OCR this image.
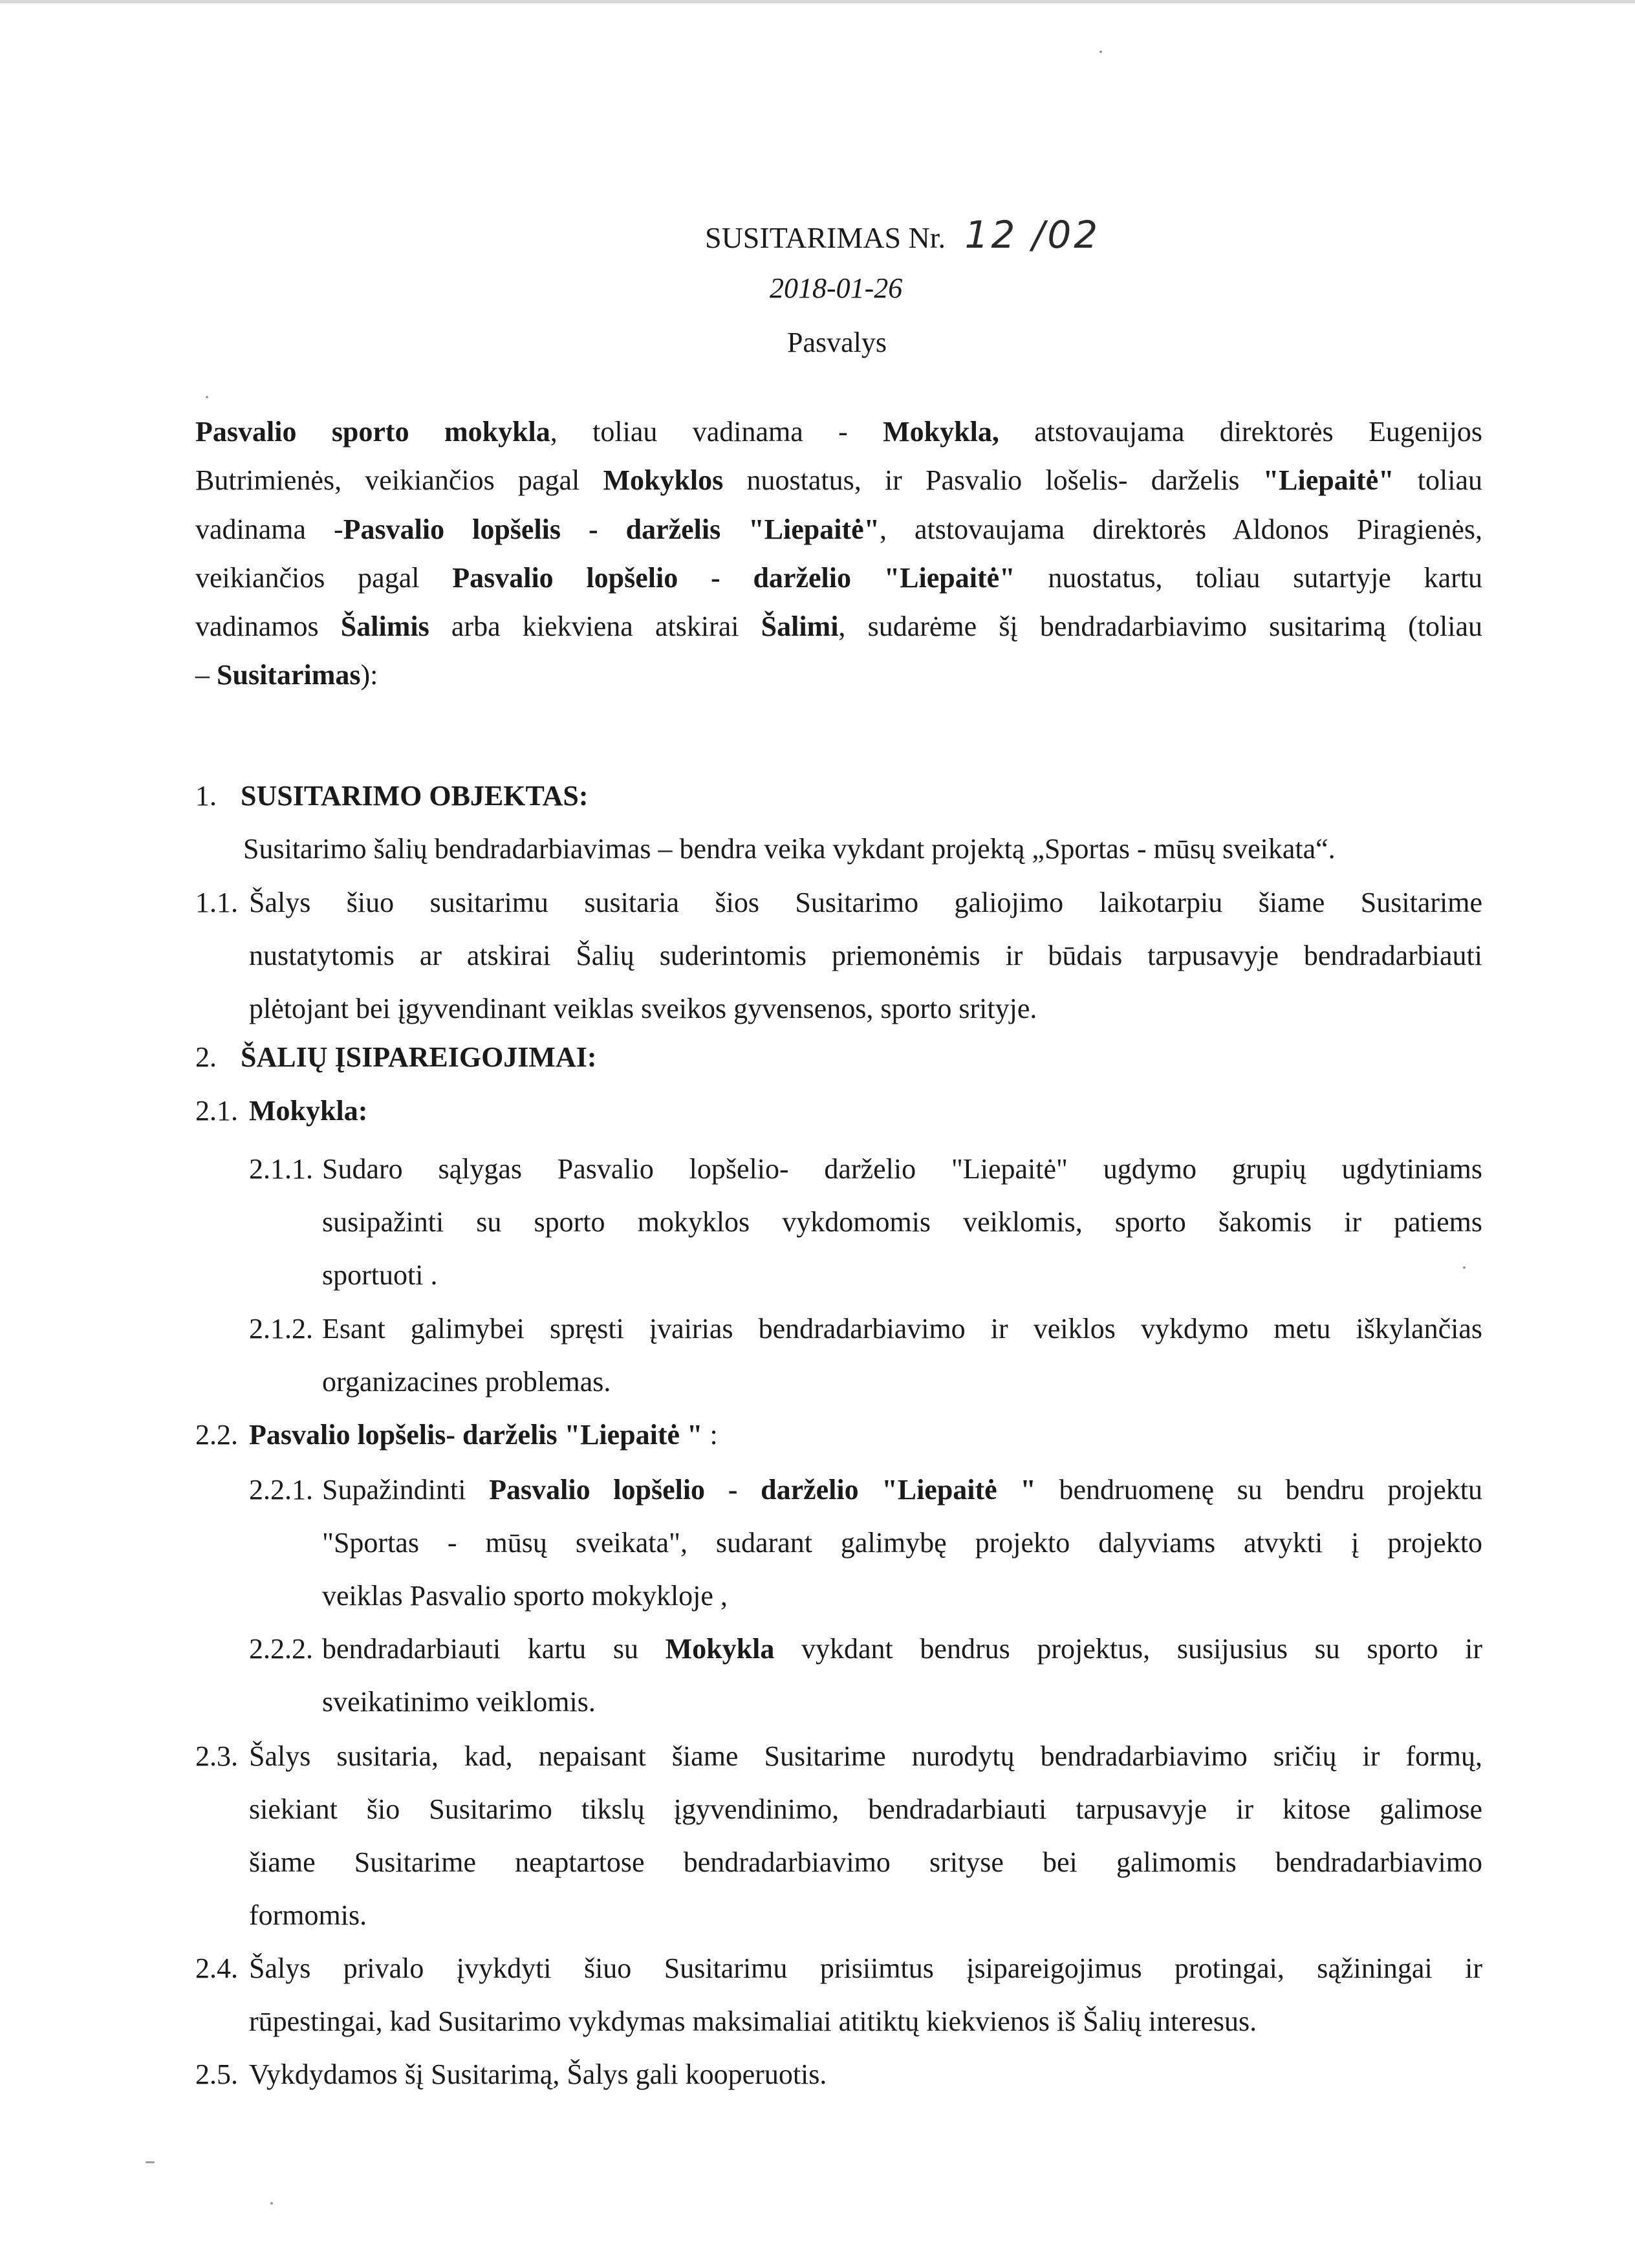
SUSITARIMAS Nr. 12 /02
2018-01-26
Pasvalys
Pasvalio sporto mokykla, toliau vadinama - Mokykla, atstovaujama direktorės Eugenijos
Butrimienės, veikiančios pagal Mokyklos nuostatus, ir Pasvalio lošelis- darželis "Liepaitė" toliau
vadinama -Pasvalio lopšelis - darželis "Liepaitė", atstovaujama direktorės Aldonos Piragienės,
veikiančios pagal Pasvalio lopšelio - darželio "Liepaitė" nuostatus, toliau sutartyje kartu
vadinamos Šalimis arba kiekviena atskirai Šalimi, sudarėme šį bendradarbiavimo susitarimą (toliau
– Susitarimas):
1. SUSITARIMO OBJEKTAS:
Susitarimo šalių bendradarbiavimas – bendra veika vykdant projektą „Sportas - mūsų sveikata“.
1.1. Šalys šiuo susitarimu susitaria šios Susitarimo galiojimo laikotarpiu šiame Susitarime
nustatytomis ar atskirai Šalių suderintomis priemonėmis ir būdais tarpusavyje bendradarbiauti
plėtojant bei įgyvendinant veiklas sveikos gyvensenos, sporto srityje.
2. ŠALIŲ ĮSIPAREIGOJIMAI:
2.1. Mokykla:
2.1.1. Sudaro sąlygas Pasvalio lopšelio- darželio "Liepaitė" ugdymo grupių ugdytiniams
susipažinti su sporto mokyklos vykdomomis veiklomis, sporto šakomis ir patiems
sportuoti .
2.1.2. Esant galimybei spręsti įvairias bendradarbiavimo ir veiklos vykdymo metu iškylančias
organizacines problemas.
2.2. Pasvalio lopšelis- darželis "Liepaitė " :
2.2.1. Supažindinti Pasvalio lopšelio - darželio "Liepaitė " bendruomenę su bendru projektu
"Sportas - mūsų sveikata", sudarant galimybę projekto dalyviams atvykti į projekto
veiklas Pasvalio sporto mokykloje ,
2.2.2. bendradarbiauti kartu su Mokykla vykdant bendrus projektus, susijusius su sporto ir
sveikatinimo veiklomis.
2.3. Šalys susitaria, kad, nepaisant šiame Susitarime nurodytų bendradarbiavimo sričių ir formų,
siekiant šio Susitarimo tikslų įgyvendinimo, bendradarbiauti tarpusavyje ir kitose galimose
šiame Susitarime neaptartose bendradarbiavimo srityse bei galimomis bendradarbiavimo
formomis.
2.4. Šalys privalo įvykdyti šiuo Susitarimu prisiimtus įsipareigojimus protingai, sąžiningai ir
rūpestingai, kad Susitarimo vykdymas maksimaliai atitiktų kiekvienos iš Šalių interesus.
2.5. Vykdydamos šį Susitarimą, Šalys gali kooperuotis.
